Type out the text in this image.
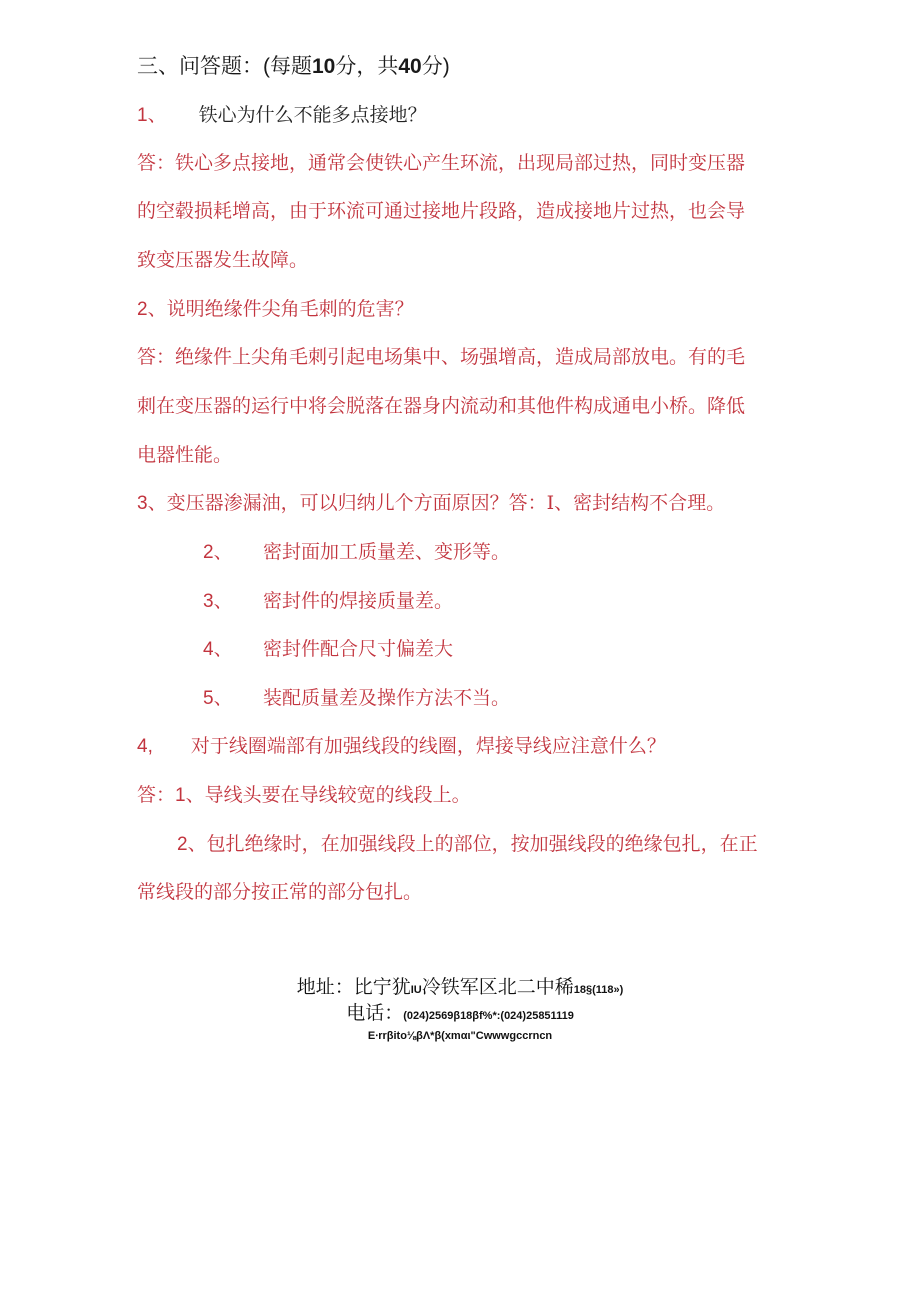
三、问答题：(每题10分，共40分)
1、 铁心为什么不能多点接地？
答：铁心多点接地，通常会使铁心产生环流，出现局部过热，同时变压器
的空毂损耗增高，由于环流可通过接地片段路，造成接地片过热，也会导
致变压器发生故障。
2、说明绝缘件尖角毛刺的危害？
答：绝缘件上尖角毛刺引起电场集中、场强增高，造成局部放电。有的毛
刺在变压器的运行中将会脱落在器身内流动和其他件构成通电小桥。降低
电器性能。
3、变压器渗漏油，可以归纳儿个方面原因？答：I、密封结构不合理。
2、 密封面加工质量差、变形等。
3、 密封件的焊接质量差。
4、 密封件配合尺寸偏差大
5、 装配质量差及操作方法不当。
4, 对于线圈端部有加强线段的线圈，焊接导线应注意什么？
答：1、导线头要在导线较宽的线段上。
2、包扎绝缘时，在加强线段上的部位，按加强线段的绝缘包扎，在正
常线段的部分按正常的部分包扎。
地址：比宁犹IU冷铁军区北二中稀18§(118»)
电话：(024)2569β18βf%*:(024)25851119
E∙rrβito⅛βΛ*β(xmαι"Cwwwgccrncn
